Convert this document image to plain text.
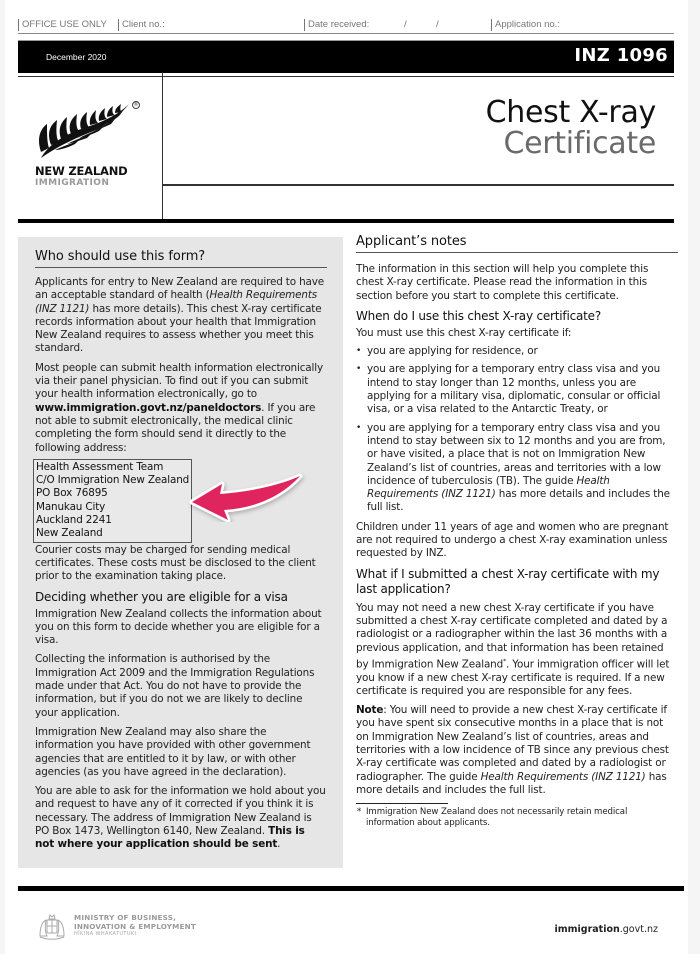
OFFICE USE ONLY	Client no.:	Date received:	/	/	Application no.:
December 2020	INZ 1096
NEW ZEALAND
IMMIGRATION
®	Chest X-ray
Certificate
Who should use this form?

Applicants for entry to New Zealand are required to have an acceptable standard of health (Health Requirements (INZ 1121) has more details). This chest X-ray certificate records information about your health that Immigration New Zealand requires to assess whether you meet this standard.

Most people can submit health information electronically via their panel physician. To find out if you can submit your health information electronically, go to www.immigration.govt.nz/paneldoctors. If you are not able to submit electronically, the medical clinic completing the form should send it directly to the following address:

Health Assessment Team
C/O Immigration New Zealand
PO Box 76895
Manukau City
Auckland 2241
New Zealand

Courier costs may be charged for sending medical certificates. These costs must be disclosed to the client prior to the examination taking place.

Deciding whether you are eligible for a visa

Immigration New Zealand collects the information about you on this form to decide whether you are eligible for a visa.

Collecting the information is authorised by the Immigration Act 2009 and the Immigration Regulations made under that Act. You do not have to provide the information, but if you do not we are likely to decline your application.

Immigration New Zealand may also share the information you have provided with other government agencies that are entitled to it by law, or with other agencies (as you have agreed in the declaration).

You are able to ask for the information we hold about you and request to have any of it corrected if you think it is necessary. The address of Immigration New Zealand is PO Box 1473, Wellington 6140, New Zealand. This is not where your application should be sent.

Applicant’s notes

The information in this section will help you complete this chest X-ray certificate. Please read the information in this section before you start to complete this certificate.

When do I use this chest X-ray certificate?

You must use this chest X-ray certificate if:

• you are applying for residence, or
• you are applying for a temporary entry class visa and you intend to stay longer than 12 months, unless you are applying for a military visa, diplomatic, consular or official visa, or a visa related to the Antarctic Treaty, or
• you are applying for a temporary entry class visa and you intend to stay between six to 12 months and you are from, or have visited, a place that is not on Immigration New Zealand’s list of countries, areas and territories with a low incidence of tuberculosis (TB). The guide Health Requirements (INZ 1121) has more details and includes the full list.

Children under 11 years of age and women who are pregnant are not required to undergo a chest X-ray examination unless requested by INZ.

What if I submitted a chest X-ray certificate with my last application?

You may not need a new chest X-ray certificate if you have submitted a chest X-ray certificate completed and dated by a radiologist or a radiographer within the last 36 months with a previous application, and that information has been retained by Immigration New Zealand*. Your immigration officer will let you know if a new chest X-ray certificate is required. If a new certificate is required you are responsible for any fees.

Note: You will need to provide a new chest X-ray certificate if you have spent six consecutive months in a place that is not on Immigration New Zealand’s list of countries, areas and territories with a low incidence of TB since any previous chest X-ray certificate was completed and dated by a radiologist or radiographer. The guide Health Requirements (INZ 1121) has more details and includes the full list.

* Immigration New Zealand does not necessarily retain medical information about applicants.
MINISTRY OF BUSINESS,
INNOVATION & EMPLOYMENT
HĪKINA WHAKATUTUKI	immigration.govt.nz
